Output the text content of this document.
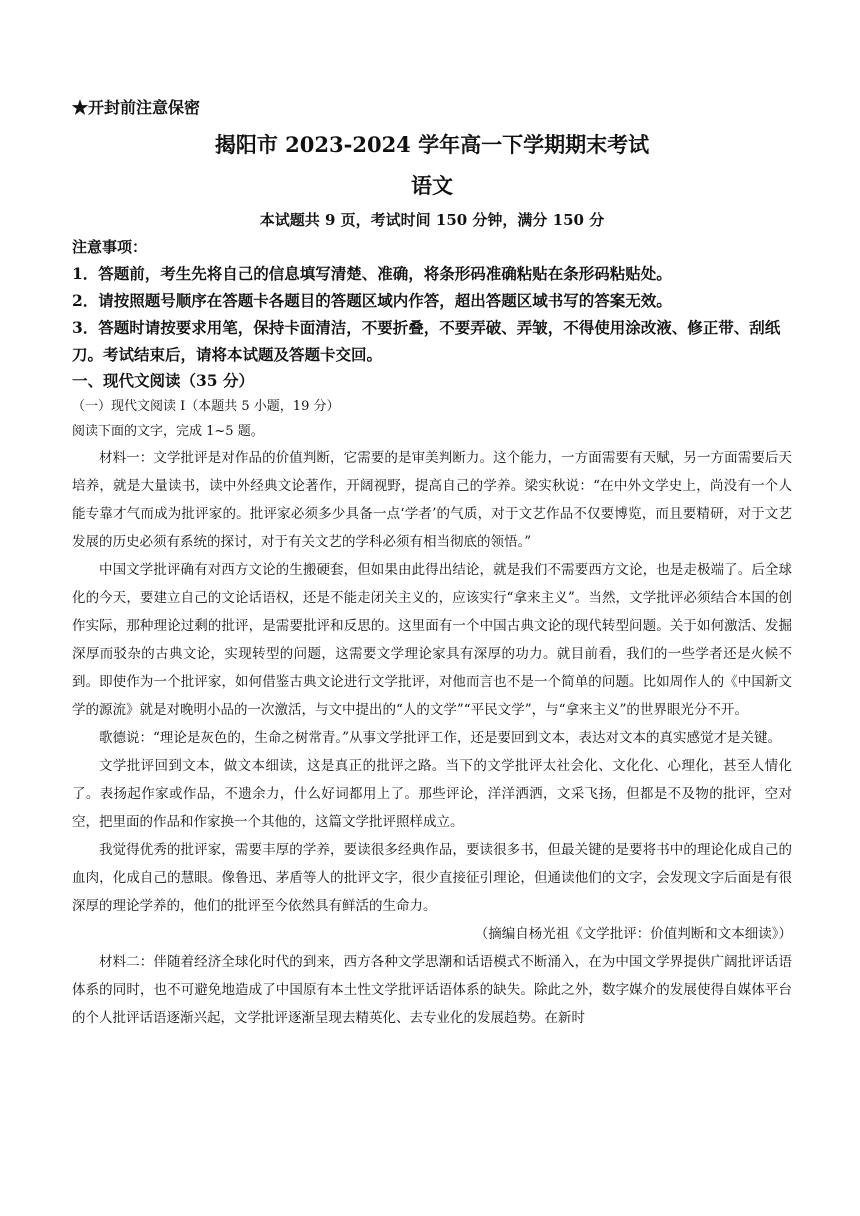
★开封前注意保密
揭阳市 2023-2024 学年高一下学期期末考试
语文
本试题共 9 页，考试时间 150 分钟，满分 150 分
注意事项：
1．答题前，考生先将自己的信息填写清楚、准确，将条形码准确粘贴在条形码粘贴处。
2．请按照题号顺序在答题卡各题目的答题区域内作答，超出答题区域书写的答案无效。
3．答题时请按要求用笔，保持卡面清洁，不要折叠，不要弄破、弄皱，不得使用涂改液、修正带、刮纸刀。考试结束后，请将本试题及答题卡交回。
一、现代文阅读（35 分）
（一）现代文阅读 I（本题共 5 小题，19 分）
阅读下面的文字，完成 1~5 题。

材料一：文学批评是对作品的价值判断，它需要的是审美判断力。这个能力，一方面需要有天赋，另一方面需要后天培养，就是大量读书，读中外经典文论著作，开阔视野，提高自己的学养。梁实秋说：“在中外文学史上，尚没有一个人能专靠才气而成为批评家的。批评家必须多少具备一点‘学者’的气质，对于文艺作品不仅要博览，而且要精研，对于文艺发展的历史必须有系统的探讨，对于有关文艺的学科必须有相当彻底的领悟。”

中国文学批评确有对西方文论的生搬硬套，但如果由此得出结论，就是我们不需要西方文论，也是走极端了。后全球化的今天，要建立自己的文论话语权，还是不能走闭关主义的，应该实行“拿来主义”。当然，文学批评必须结合本国的创作实际，那种理论过剩的批评，是需要批评和反思的。这里面有一个中国古典文论的现代转型问题。关于如何激活、发掘深厚而驳杂的古典文论，实现转型的问题，这需要文学理论家具有深厚的功力。就目前看，我们的一些学者还是火候不到。即使作为一个批评家，如何借鉴古典文论进行文学批评，对他而言也不是一个简单的问题。比如周作人的《中国新文学的源流》就是对晚明小品的一次激活，与文中提出的“人的文学”“平民文学”，与“拿来主义”的世界眼光分不开。

歌德说：“理论是灰色的，生命之树常青。”从事文学批评工作，还是要回到文本，表达对文本的真实感觉才是关键。

文学批评回到文本，做文本细读，这是真正的批评之路。当下的文学批评太社会化、文化化、心理化，甚至人情化了。表扬起作家或作品，不遗余力，什么好词都用上了。那些评论，洋洋洒洒，文采飞扬，但都是不及物的批评，空对空，把里面的作品和作家换一个其他的，这篇文学批评照样成立。

我觉得优秀的批评家，需要丰厚的学养，要读很多经典作品，要读很多书，但最关键的是要将书中的理论化成自己的血肉，化成自己的慧眼。像鲁迅、茅盾等人的批评文字，很少直接征引理论，但通读他们的文字，会发现文字后面是有很深厚的理论学养的，他们的批评至今依然具有鲜活的生命力。

（摘编自杨光祖《文学批评：价值判断和文本细读》）

材料二：伴随着经济全球化时代的到来，西方各种文学思潮和话语模式不断涌入，在为中国文学界提供广阔批评话语体系的同时，也不可避免地造成了中国原有本土性文学批评话语体系的缺失。除此之外，数字媒介的发展使得自媒体平台的个人批评话语逐渐兴起，文学批评逐渐呈现去精英化、去专业化的发展趋势。在新时
